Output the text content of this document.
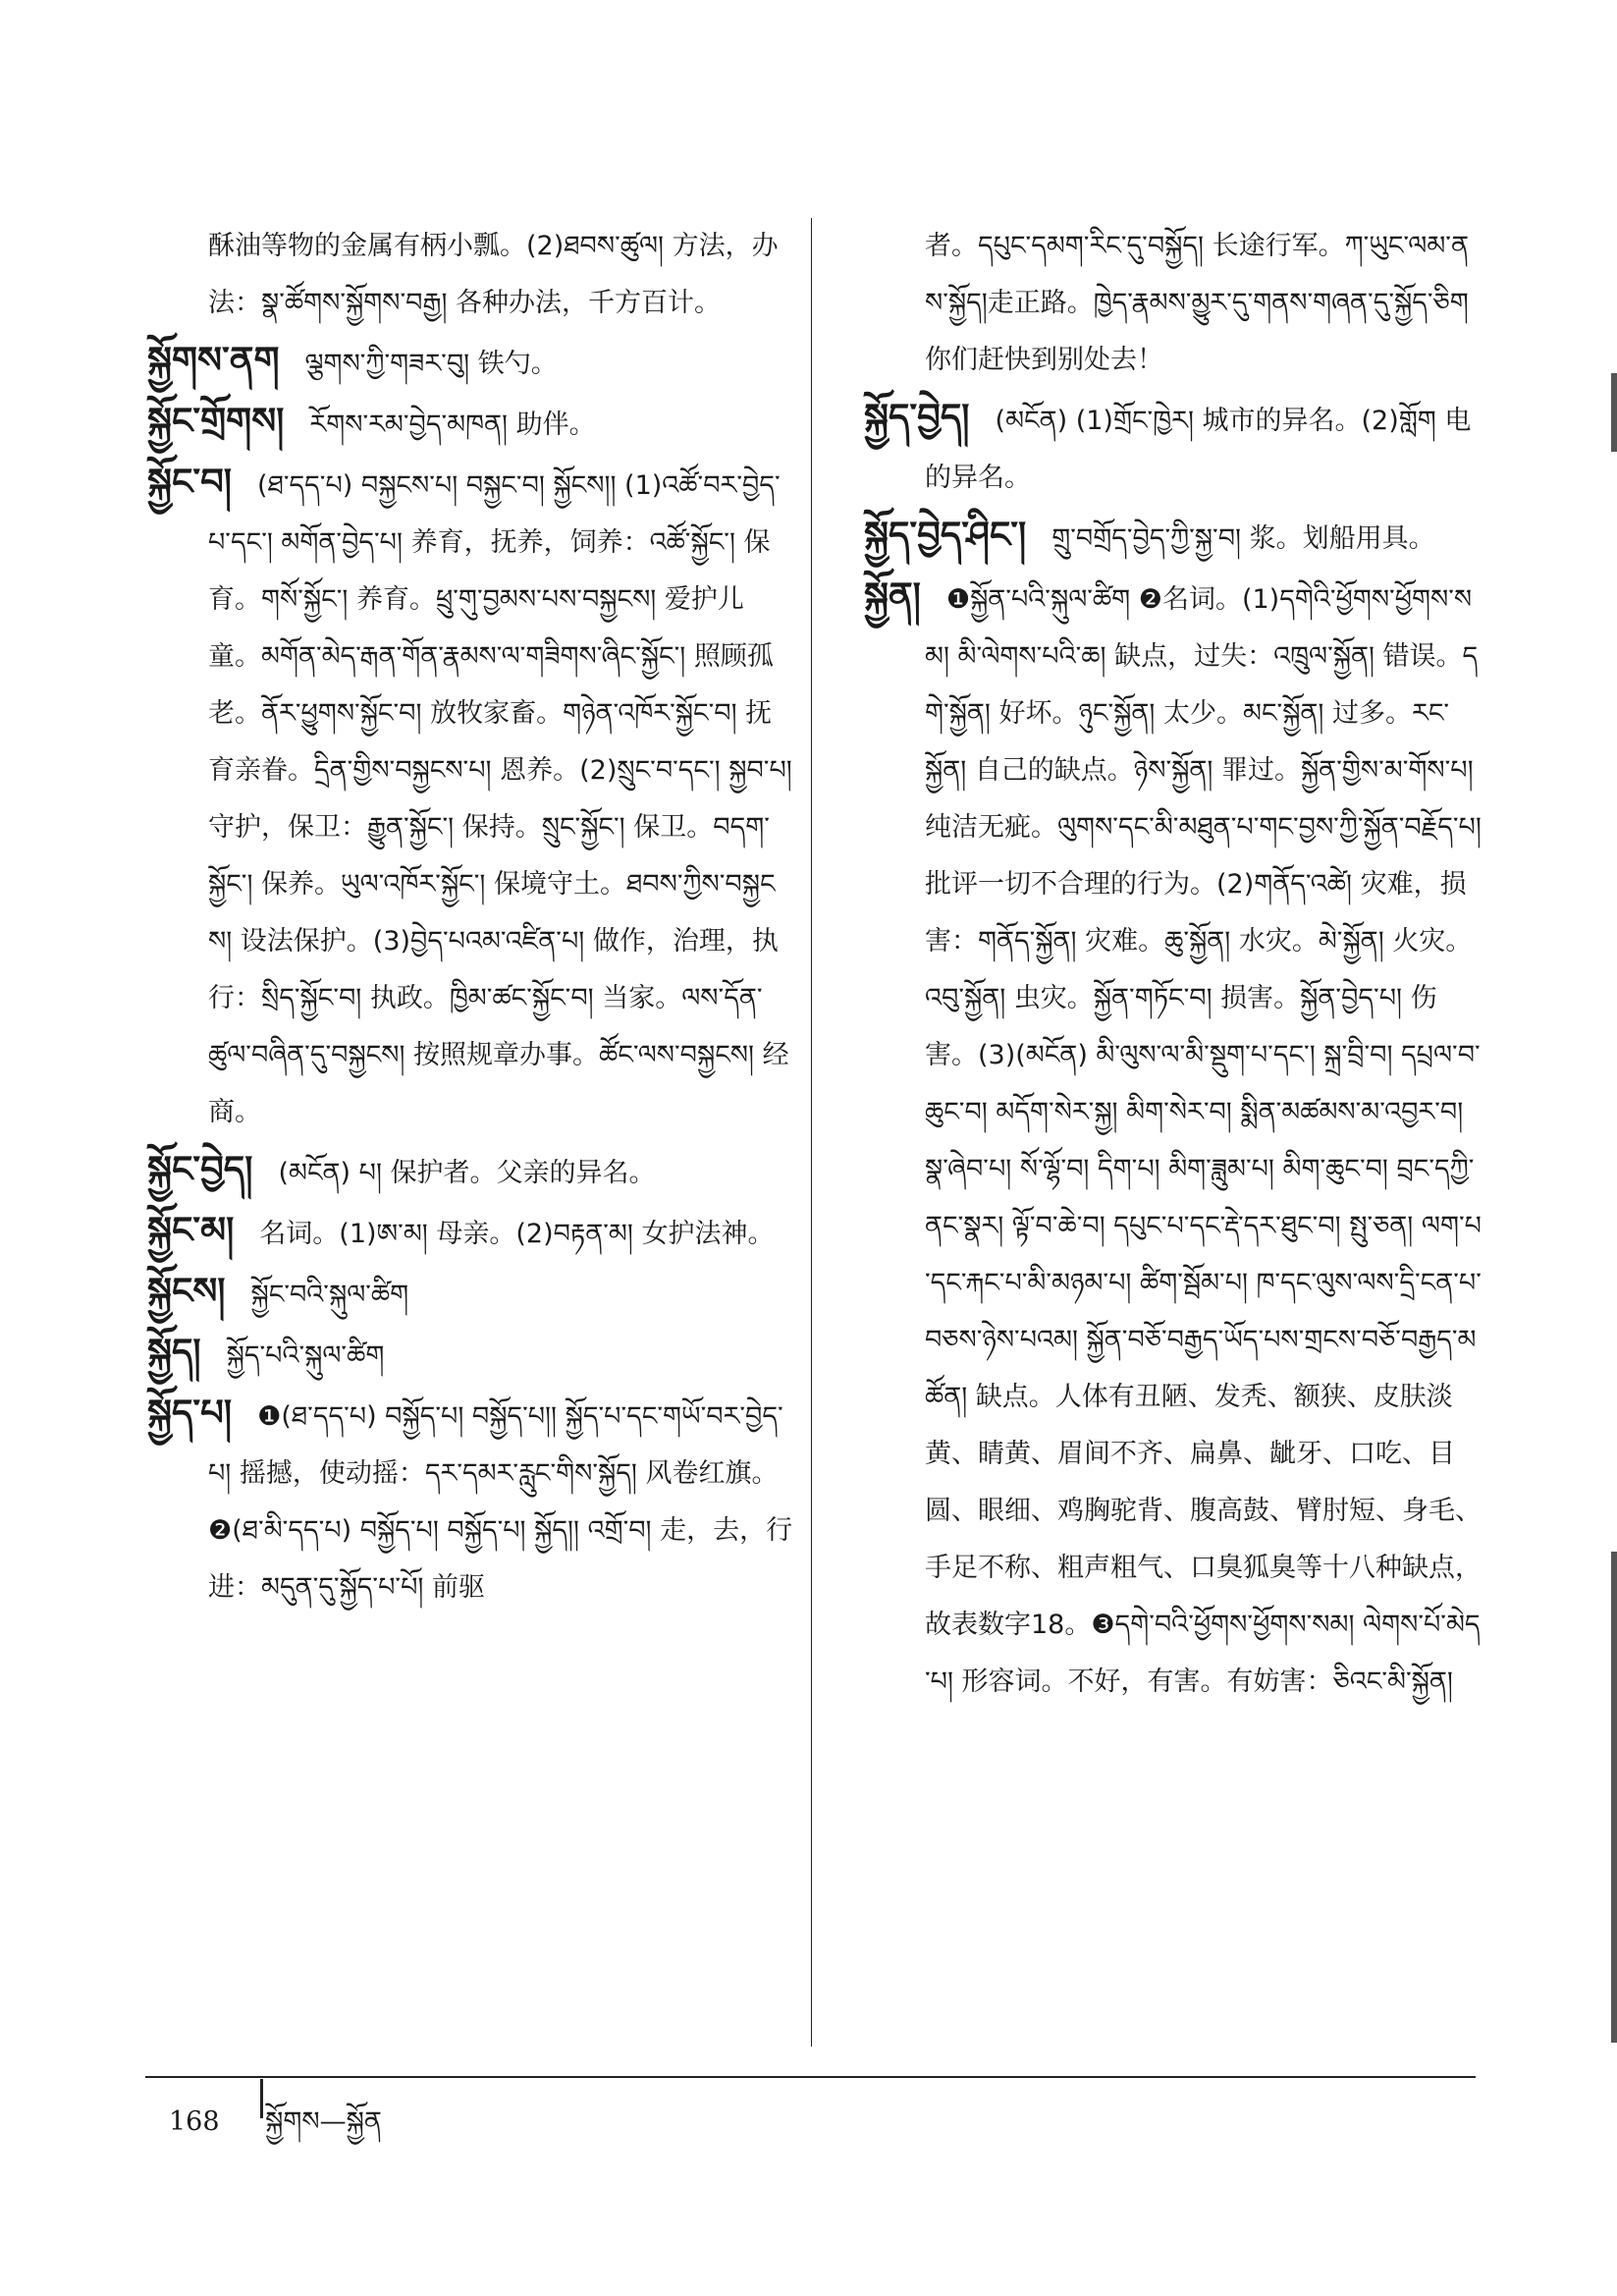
酥油等物的金属有柄小瓢。(2)ཐབས་ཚུལ། 方法，办法：སྣ་ཚོགས་སྐྱོགས་བརྒྱ། 各种办法，千方百计。

སྐྱོགས་ནག ལྕགས་ཀྱི་གཟར་བུ། 铁勺。

སྐྱོང་གྲོགས། རོགས་རམ་བྱེད་མཁན། 助伴。

སྐྱོང་བ། (ཐ་དད་པ) བསྐྱངས་པ། བསྐྱང་བ། སྐྱོངས།། (1)འཚོ་བར་བྱེད་པ་དང་། མགོན་བྱེད་པ། 养育，抚养，饲养：འཚོ་སྐྱོང་། 保育。གསོ་སྐྱོང་། 养育。ཕྲུ་གུ་བྱམས་པས་བསྐྱངས། 爱护儿童。མགོན་མེད་རྒན་གོན་རྣམས་ལ་གཟིགས་ཞིང་སྐྱོང་། 照顾孤老。ནོར་ཕྱུགས་སྐྱོང་བ། 放牧家畜。གཉེན་འཁོར་སྐྱོང་བ། 抚育亲眷。དྲིན་གྱིས་བསྐྱངས་པ། 恩养。(2)སྲུང་བ་དང་། སྐྱབ་པ། 守护，保卫：རྒྱུན་སྐྱོང་། 保持。སྲུང་སྐྱོང་། 保卫。བདག་སྐྱོང་། 保养。ཡུལ་འཁོར་སྐྱོང་། 保境守土。ཐབས་ཀྱིས་བསྐྱངས། 设法保护。(3)བྱེད་པའམ་འཛིན་པ། 做作，治理，执行：སྲིད་སྐྱོང་བ། 执政。ཁྱིམ་ཚང་སྐྱོང་བ། 当家。ལས་དོན་ཚུལ་བཞིན་དུ་བསྐྱངས། 按照规章办事。ཚོང་ལས་བསྐྱངས། 经商。

སྐྱོང་བྱེད། (མངོན) པ། 保护者。父亲的异名。

སྐྱོང་མ། 名词。(1)ཨ་མ། 母亲。(2)བརྟན་མ། 女护法神。

སྐྱོངས། སྐྱོང་བའི་སྐུལ་ཚིག

སྐྱོད། སྐྱོད་པའི་སྐུལ་ཚིག

སྐྱོད་པ། ❶(ཐ་དད་པ) བསྐྱོད་པ། བསྐྱོད་པ།། སྐྱོད་པ་དང་གཡོ་བར་བྱེད་པ། 摇撼，使动摇：དར་དམར་རླུང་གིས་སྐྱོད། 风卷红旗。❷(ཐ་མི་དད་པ) བསྐྱོད་པ། བསྐྱོད་པ། སྐྱོད།། འགྲོ་བ། 走，去，行进：མདུན་དུ་སྐྱོད་པ་པོ། 前驱

者。དཔུང་དམག་རིང་དུ་བསྐྱོད། 长途行军。ཀ་ཡུང་ལམ་ནས་སྐྱོད།走正路。ཁྱེད་རྣམས་མྱུར་དུ་གནས་གཞན་དུ་སྐྱོད་ཅིག 你们赶快到别处去！

སྐྱོད་བྱེད། (མངོན) (1)གྲོང་ཁྱེར། 城市的异名。(2)གློག 电的异名。

སྐྱོད་བྱེད་ཤིང་། གྲུ་བགྲོད་བྱེད་ཀྱི་སྐྱ་བ། 浆。划船用具。

སྐྱོན། ❶སྐྱོན་པའི་སྐུལ་ཚིག ❷名词。(1)དགེའི་ཕྱོགས་ཕྱོགས་སམ། མི་ལེགས་པའི་ཆ། 缺点，过失：འཁྲུལ་སྐྱོན། 错误。དགེ་སྐྱོན། 好坏。ཉུང་སྐྱོན། 太少。མང་སྐྱོན། 过多。རང་སྐྱོན། 自己的缺点。ཉེས་སྐྱོན། 罪过。སྐྱོན་གྱིས་མ་གོས་པ། 纯洁无疵。ལུགས་དང་མི་མཐུན་པ་གང་བྱས་ཀྱི་སྐྱོན་བརྗོད་པ། 批评一切不合理的行为。(2)གནོད་འཚེ། 灾难，损害：གནོད་སྐྱོན། 灾难。ཆུ་སྐྱོན། 水灾。མེ་སྐྱོན། 火灾。འབུ་སྐྱོན། 虫灾。སྐྱོན་གཏོང་བ། 损害。སྐྱོན་བྱེད་པ། 伤害。(3)(མངོན) མི་ལུས་ལ་མི་སྡུག་པ་དང་། སྐྲ་བྲི་བ། དཔྲལ་བ་ཆུང་བ། མདོག་སེར་སྐྱ། མིག་སེར་བ། སྨིན་མཚམས་མ་འབྱར་བ། སྣ་ཞེབ་པ། སོ་ལྷོ་བ། དིག་པ། མིག་ཟླུམ་པ། མིག་ཆུང་བ། བྲང་དཀྱི་ནང་སྣར། ལྟོ་བ་ཆེ་བ། དཔུང་པ་དང་རྡེ་དར་ཐུང་བ། སྤུ་ཅན། ལག་པ་དང་རྐང་པ་མི་མཉམ་པ། ཚིག་སྦོམ་པ། ཁ་དང་ལུས་ལས་དྲི་ངན་པ་བཅས་ཉེས་པའམ། སྐྱོན་བཅོ་བརྒྱད་ཡོད་པས་གྲངས་བཅོ་བརྒྱད་མཚོན། 缺点。人体有丑陋、发秃、额狭、皮肤淡黄、睛黄、眉间不齐、扁鼻、龇牙、口吃、目圆、眼细、鸡胸驼背、腹高鼓、臂肘短、身毛、手足不称、粗声粗气、口臭狐臭等十八种缺点，故表数字18。❸དགེ་བའི་ཕྱོགས་ཕྱོགས་སམ། ལེགས་པོ་མེད་པ། 形容词。不好，有害。有妨害：ཅིའང་མི་སྐྱོན།

168 སྐྱོགས—སྐྱོན
